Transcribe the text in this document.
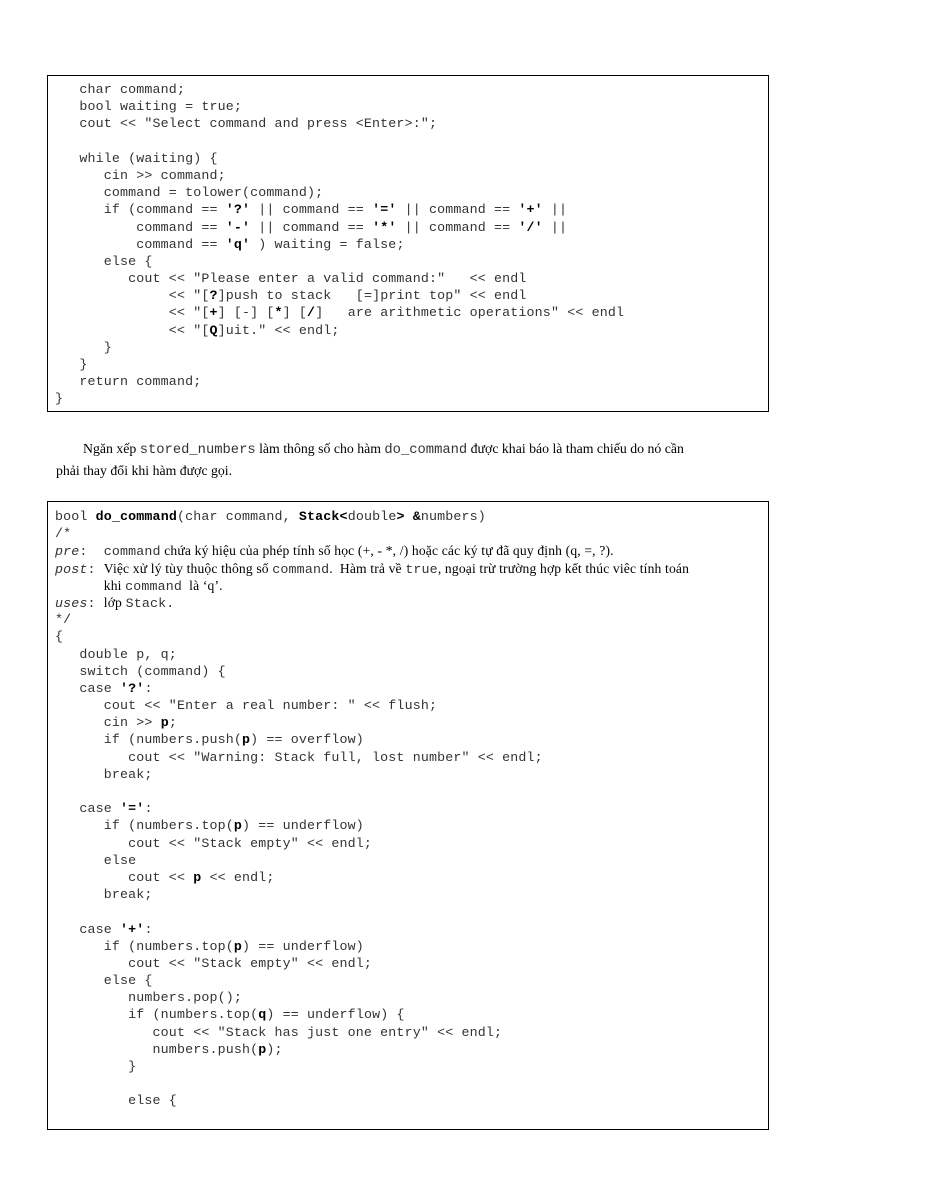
char command;
bool waiting = true;
cout << "Select command and press <Enter>:";
while (waiting) {
cin >> command;
command = tolower(command);
if (command == '?' || command == '=' || command == '+' ||
command == '-' || command == '*' || command == '/' ||
command == 'q' ) waiting = false;
else {
cout << "Please enter a valid command:"   << endl
<< "[?]push to stack   [=]print top" << endl
<< "[+] [-] [*] [/]   are arithmetic operations" << endl
<< "[Q]uit." << endl;
}
}
return command;
}

Ngăn xếp stored_numbers làm thông số cho hàm do_command được khai báo là tham chiếu do nó cần

phải thay đổi khi hàm được gọi.
bool do_command(char command, Stack<double> &numbers)
/*
pre:  command chứa ký hiệu của phép tính số học (+, - *, /) hoặc các ký tự đã quy định (q, =, ?).
post: Việc xử lý tùy thuộc thông số command.  Hàm trả về true, ngoại trừ trường hợp kết thúc viêc tính toán
khi command  là ‘q’.
uses: lớp Stack.
*/
{
double p, q;
switch (command) {
case '?':
cout << "Enter a real number: " << flush;
cin >> p;
if (numbers.push(p) == overflow)
cout << "Warning: Stack full, lost number" << endl;
break;
case '=':
if (numbers.top(p) == underflow)
cout << "Stack empty" << endl;
else
cout << p << endl;
break;
case '+':
if (numbers.top(p) == underflow)
cout << "Stack empty" << endl;
else {
numbers.pop();
if (numbers.top(q) == underflow) {
cout << "Stack has just one entry" << endl;
numbers.push(p);
}
else {
